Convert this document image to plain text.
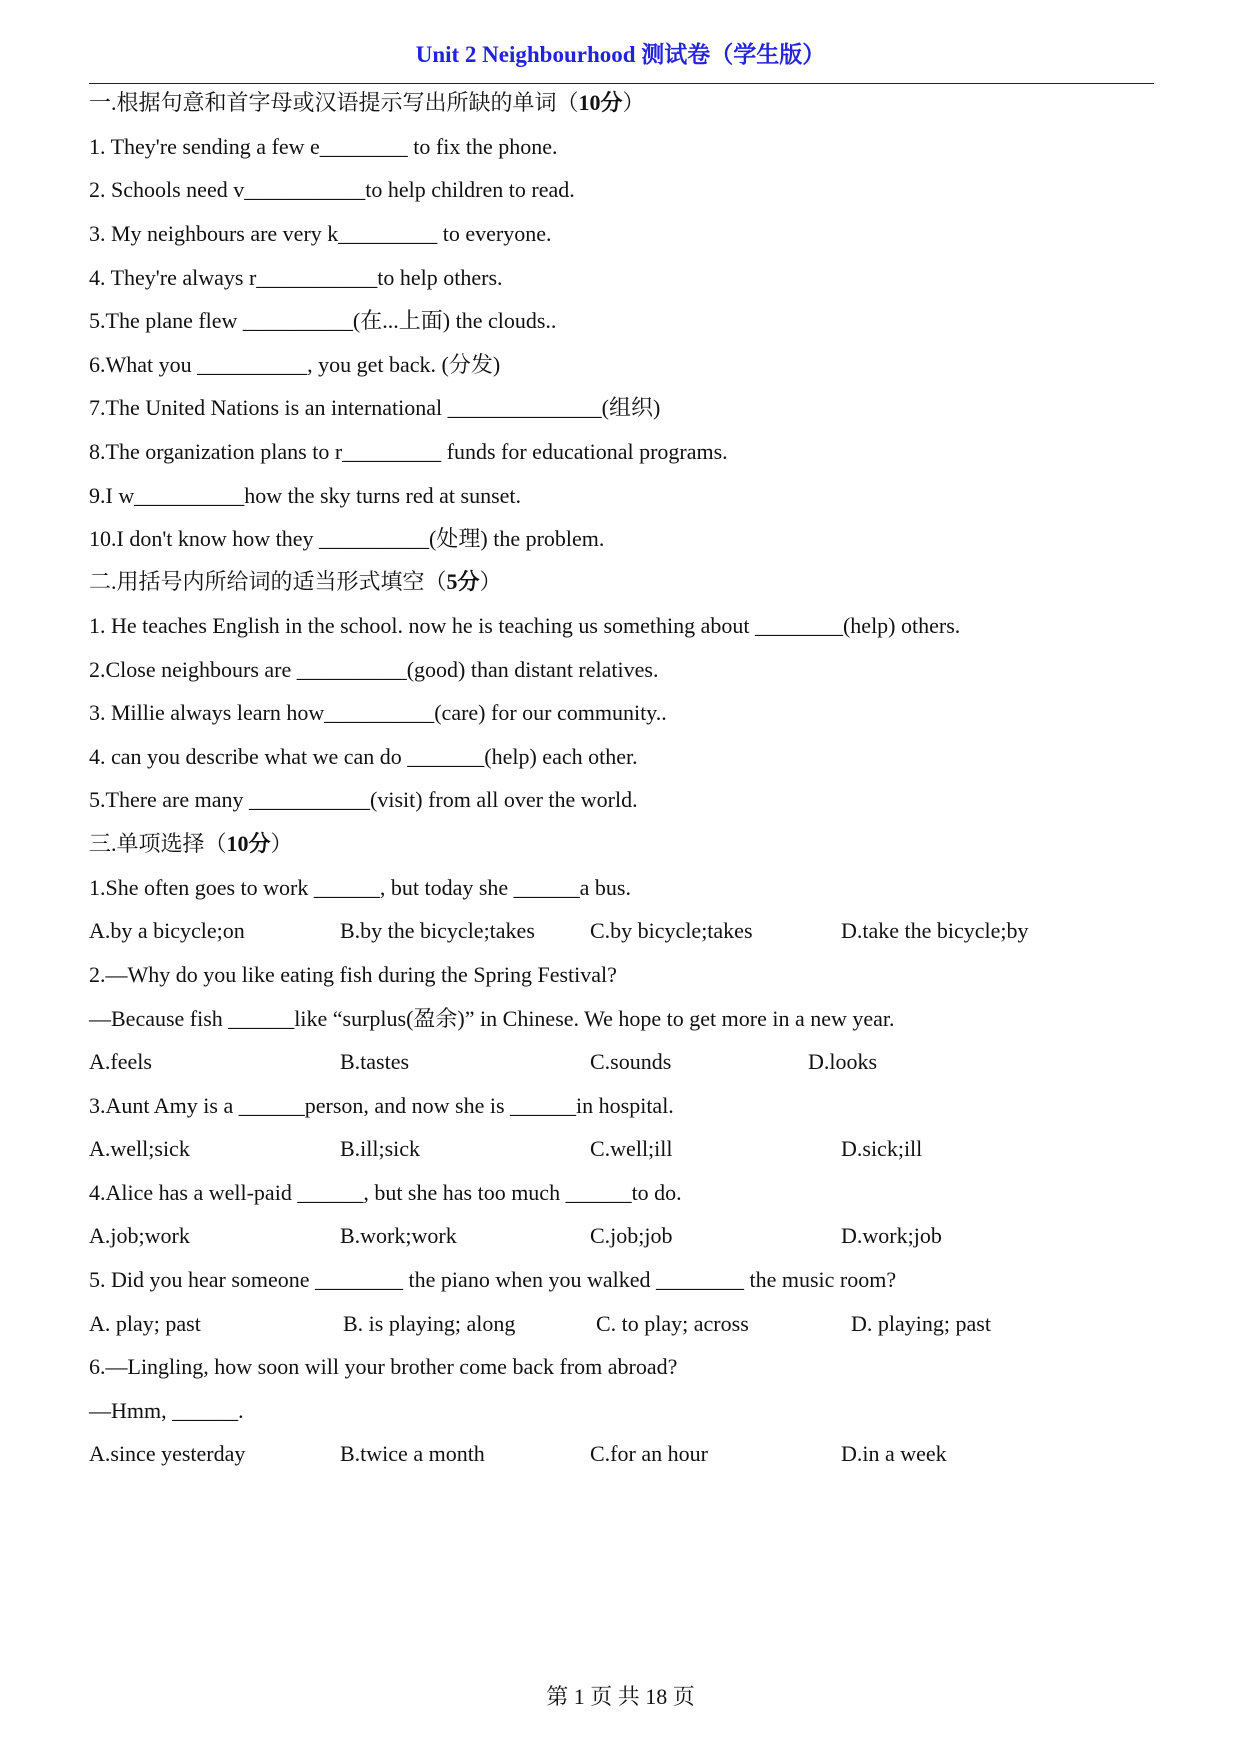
Unit 2 Neighbourhood 测试卷（学生版）
一.根据句意和首字母或汉语提示写出所缺的单词（10分）
1. They're sending a few e________ to fix the phone.
2. Schools need v___________to help children to read.
3. My neighbours are very k_________ to everyone.
4. They're always r___________to help others.
5.The plane flew __________(在...上面) the clouds..
6.What you __________, you get back. (分发)
7.The United Nations is an international ______________(组织)
8.The organization plans to r_________ funds for educational programs.
9.I w__________how the sky turns red at sunset.
10.I don't know how they __________(处理) the problem.
二.用括号内所给词的适当形式填空（5分）
1. He teaches English in the school. now he is teaching us something about ________(help) others.
2.Close neighbours are __________(good) than distant relatives.
3. Millie always learn how__________(care) for our community..
4. can you describe what we can do _______(help) each other.
5.There are many ___________(visit) from all over the world.
三.单项选择（10分）
1.She often goes to work ______, but today she ______a bus.
A.by a bicycle;on	B.by the bicycle;takes	C.by bicycle;takes	D.take the bicycle;by
2.—Why do you like eating fish during the Spring Festival?
—Because fish ______like “surplus(盈余)” in Chinese. We hope to get more in a new year.
A.feels	B.tastes	C.sounds	D.looks
3.Aunt Amy is a ______person, and now she is ______in hospital.
A.well;sick	B.ill;sick	C.well;ill	D.sick;ill
4.Alice has a well-paid ______, but she has too much ______to do.
A.job;work	B.work;work	C.job;job	D.work;job
5. Did you hear someone ________ the piano when you walked ________ the music room?
A. play; past	B. is playing; along	C. to play; across	D. playing; past
6.—Lingling, how soon will your brother come back from abroad?
—Hmm, ______.
A.since yesterday	B.twice a month	C.for an hour	D.in a week
第 1 页 共 18 页
